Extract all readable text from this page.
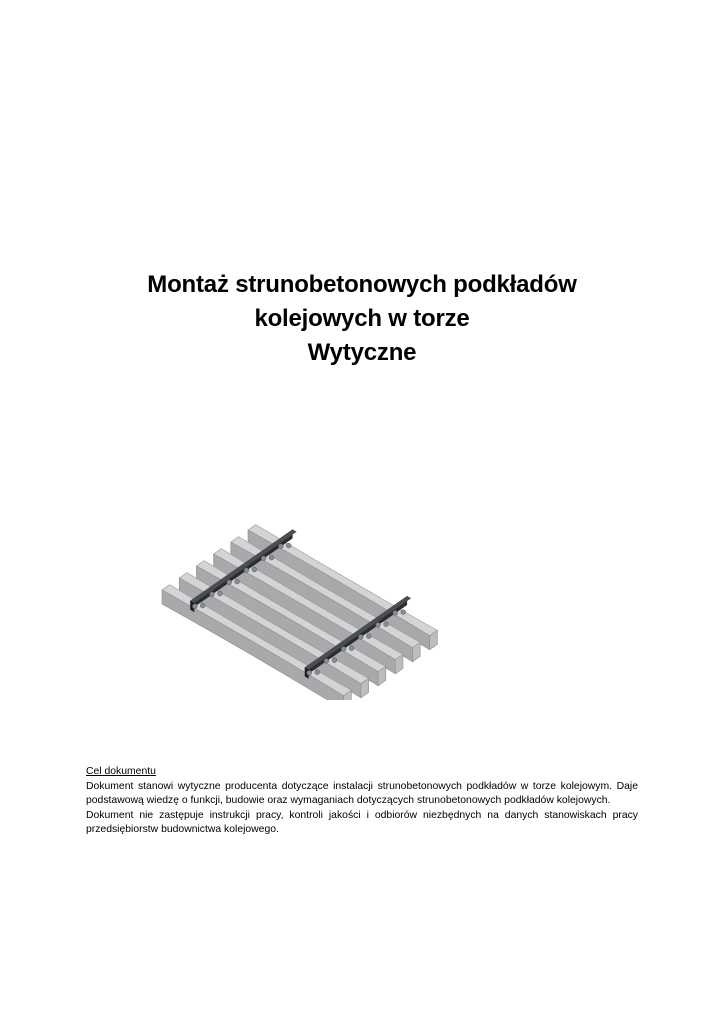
Montaż strunobetonowych podkładów
kolejowych w torze
Wytyczne
Cel dokumentu

Dokument stanowi wytyczne producenta dotyczące instalacji strunobetonowych podkładów w torze kolejowym. Daje podstawową wiedzę o funkcji, budowie oraz wymaganiach dotyczących strunobetonowych podkładów kolejowych.

Dokument nie zastępuje instrukcji pracy, kontroli jakości i odbiorów niezbędnych na danych stanowiskach pracy przedsiębiorstw budownictwa kolejowego.
